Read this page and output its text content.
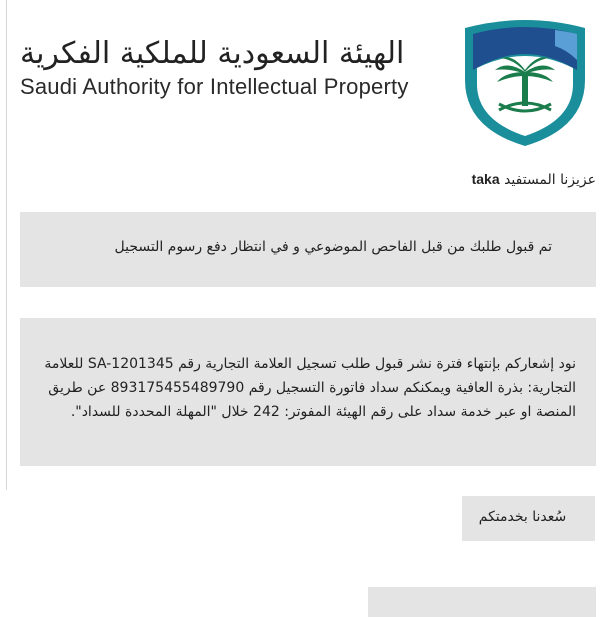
الهيئة السعودية للملكية الفكرية
Saudi Authority for Intellectual Property
عزيزنا المستفيد taka
تم قبول طلبك من قبل الفاحص الموضوعي و في انتظار دفع رسوم التسجيل
نود إشعاركم بإنتهاء فترة نشر قبول طلب تسجيل العلامة التجارية رقم SA-1201345 للعلامة التجارية: بذرة العافية ويمكنكم سداد فاتورة التسجيل رقم 893175455489790 عن طريق المنصة او عبر خدمة سداد على رقم الهيئة المفوتر: 242 خلال "المهلة المحددة للسداد".
سُعدنا بخدمتكم
